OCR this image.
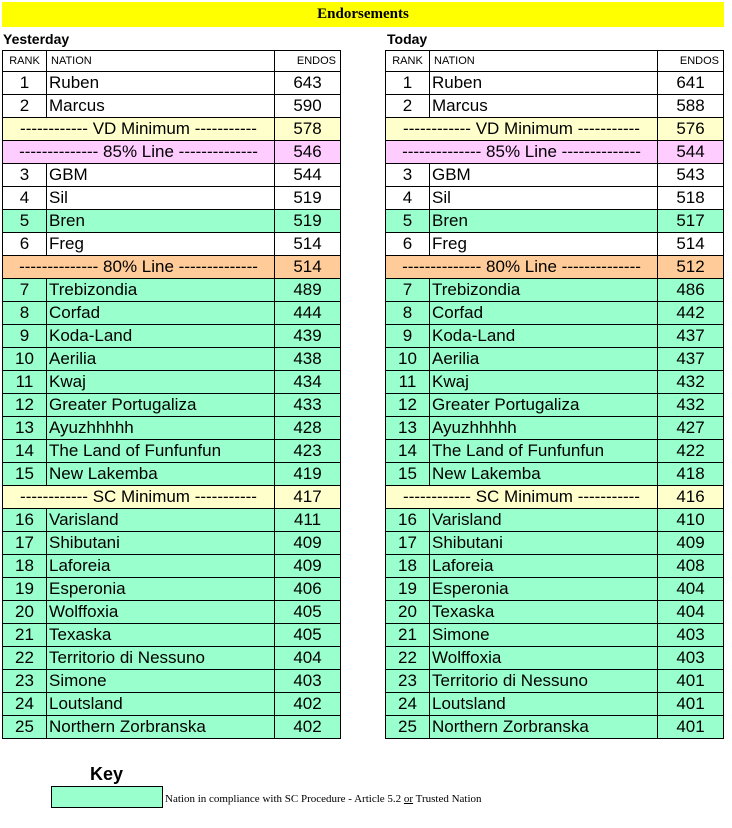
Endorsements
Yesterday	Today
RANK	NATION	ENDOS
1	Ruben	643
2	Marcus	590
------------ VD Minimum -----------		578
-------------- 85% Line --------------		546
3	GBM	544
4	Sil	519
5	Bren	519
6	Freg	514
-------------- 80% Line --------------		514
7	Trebizondia	489
8	Corfad	444
9	Koda-Land	439
10	Aerilia	438
11	Kwaj	434
12	Greater Portugaliza	433
13	Ayuzhhhhh	428
14	The Land of Funfunfun	423
15	New Lakemba	419
------------ SC Minimum -----------		417
16	Varisland	411
17	Shibutani	409
18	Laforeia	409
19	Esperonia	406
20	Wolffoxia	405
21	Texaska	405
22	Territorio di Nessuno	404
23	Simone	403
24	Loutsland	402
25	Northern Zorbranska	402
RANK	NATION	ENDOS
1	Ruben	641
2	Marcus	588
------------ VD Minimum -----------		576
-------------- 85% Line --------------		544
3	GBM	543
4	Sil	518
5	Bren	517
6	Freg	514
-------------- 80% Line --------------		512
7	Trebizondia	486
8	Corfad	442
9	Koda-Land	437
10	Aerilia	437
11	Kwaj	432
12	Greater Portugaliza	432
13	Ayuzhhhhh	427
14	The Land of Funfunfun	422
15	New Lakemba	418
------------ SC Minimum -----------		416
16	Varisland	410
17	Shibutani	409
18	Laforeia	408
19	Esperonia	404
20	Texaska	404
21	Simone	403
22	Wolffoxia	403
23	Territorio di Nessuno	401
24	Loutsland	401
25	Northern Zorbranska	401
Key
Nation in compliance with SC Procedure - Article 5.2 or Trusted Nation
